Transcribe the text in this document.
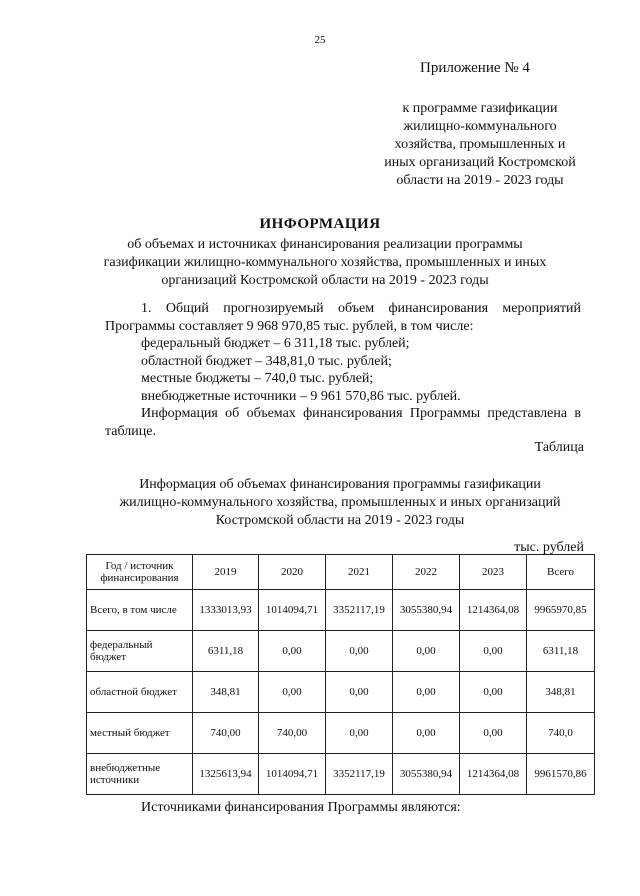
25
Приложение № 4
к программе газификации
жилищно-коммунального
хозяйства, промышленных и
иных организаций Костромской
области на 2019 - 2023 годы
ИНФОРМАЦИЯ
об объемах и источниках финансирования реализации программы
газификации жилищно-коммунального хозяйства, промышленных и иных
организаций Костромской области на 2019 - 2023 годы
1. Общий прогнозируемый объем финансирования мероприятий Программы составляет 9 968 970,85 тыс. рублей, в том числе:
федеральный бюджет – 6 311,18 тыс. рублей;
областной бюджет – 348,81,0 тыс. рублей;
местные бюджеты – 740,0 тыс. рублей;
внебюджетные источники – 9 961 570,86 тыс. рублей.
Информация об объемах финансирования Программы представлена в таблице.
Таблица
Информация об объемах финансирования программы газификации
жилищно-коммунального хозяйства, промышленных и иных организаций
Костромской области на 2019 - 2023 годы
тыс. рублей
Год / источник финансирования	2019	2020	2021	2022	2023	Всего
Всего, в том числе	1333013,93	1014094,71	3352117,19	3055380,94	1214364,08	9965970,85
федеральный бюджет	6311,18	0,00	0,00	0,00	0,00	6311,18
областной бюджет	348,81	0,00	0,00	0,00	0,00	348,81
местный бюджет	740,00	740,00	0,00	0,00	0,00	740,0
внебюджетные источники	1325613,94	1014094,71	3352117,19	3055380,94	1214364,08	9961570,86
Источниками финансирования Программы являются:
